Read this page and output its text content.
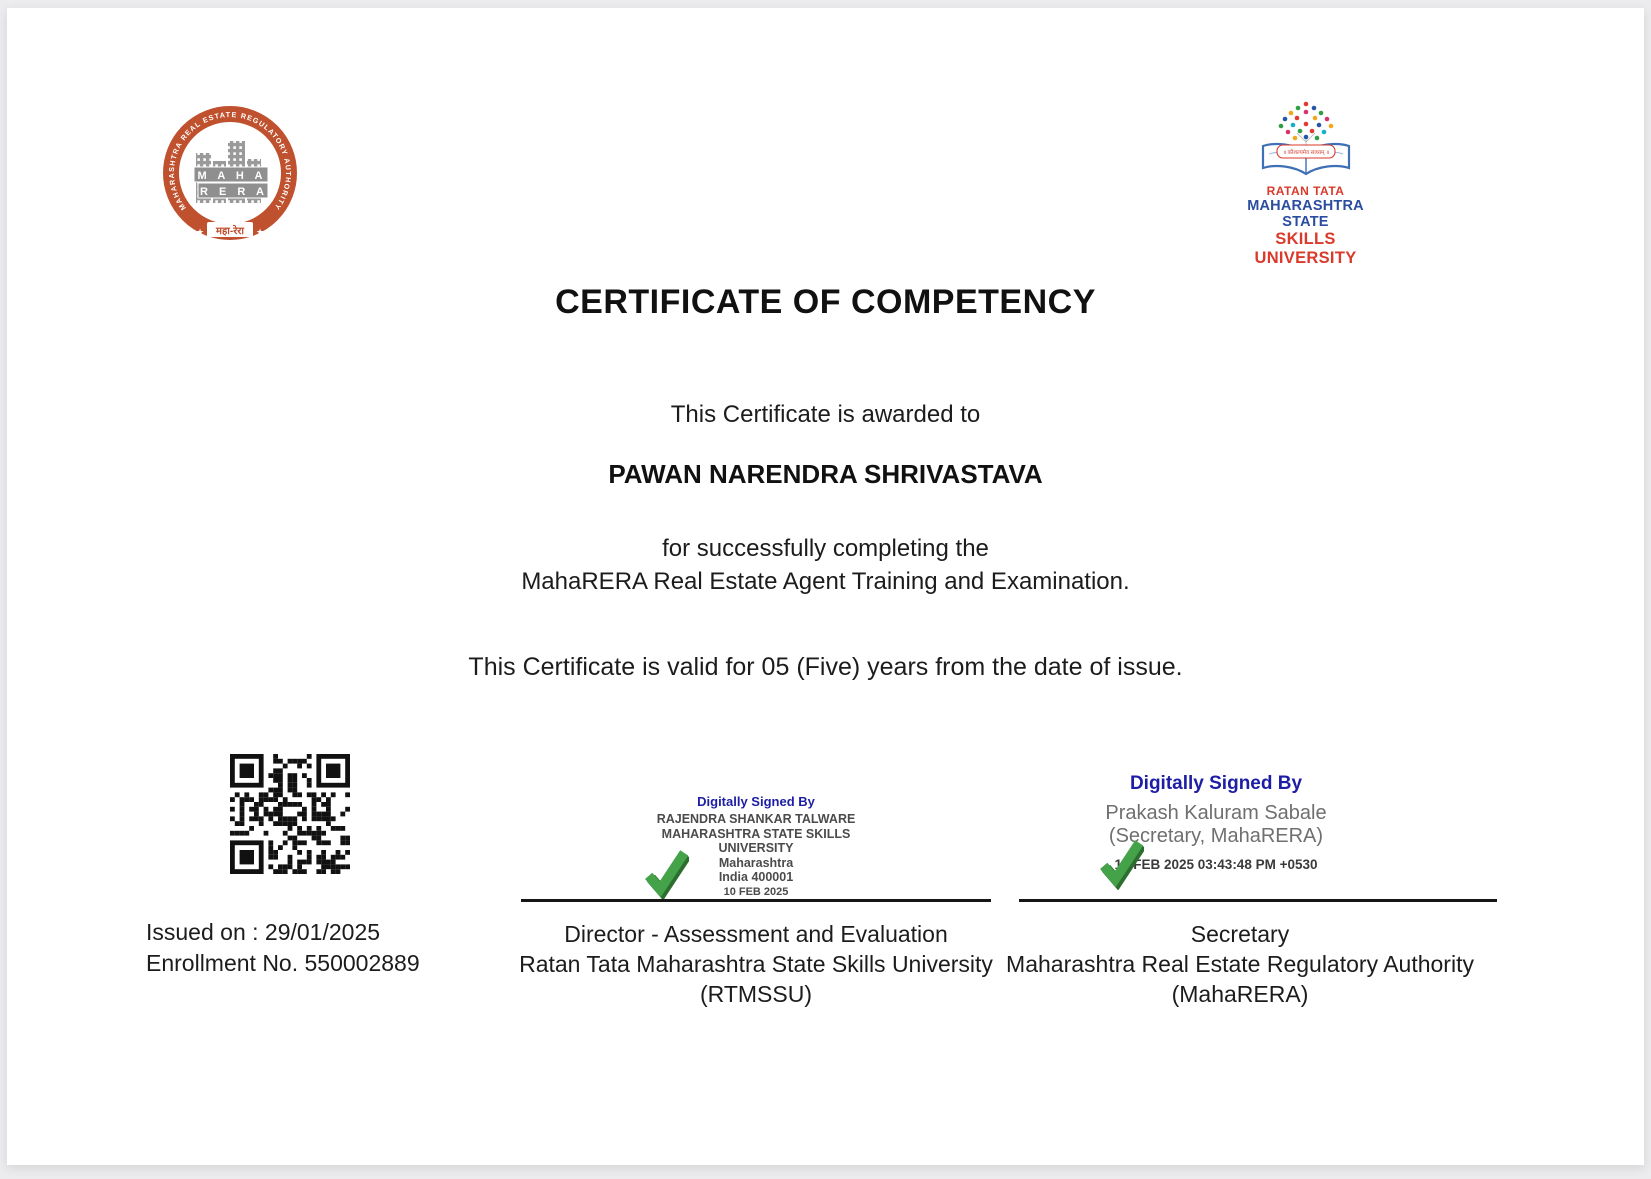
MAHARASHTRA REAL ESTATE REGULATORY AUTHORITY
M A H A
R E R A
★ महा-रेरा ★
॥ कौशल्यमेव साध्यम् ॥
RATAN TATA
MAHARASHTRA STATE
SKILLS UNIVERSITY
CERTIFICATE OF COMPETENCY
This Certificate is awarded to
PAWAN NARENDRA SHRIVASTAVA
for successfully completing the
MahaRERA Real Estate Agent Training and Examination.
This Certificate is valid for 05 (Five) years from the date of issue.
Issued on : 29/01/2025
Enrollment No. 550002889
Digitally Signed By
RAJENDRA SHANKAR TALWARE
MAHARASHTRA STATE SKILLS
UNIVERSITY
Maharashtra
India 400001
10 FEB 2025
Director - Assessment and Evaluation
Ratan Tata Maharashtra State Skills University
(RTMSSU)
Digitally Signed By
Prakash Kaluram Sabale
(Secretary, MahaRERA)
14 FEB 2025 03:43:48 PM +0530
Secretary
Maharashtra Real Estate Regulatory Authority
(MahaRERA)
